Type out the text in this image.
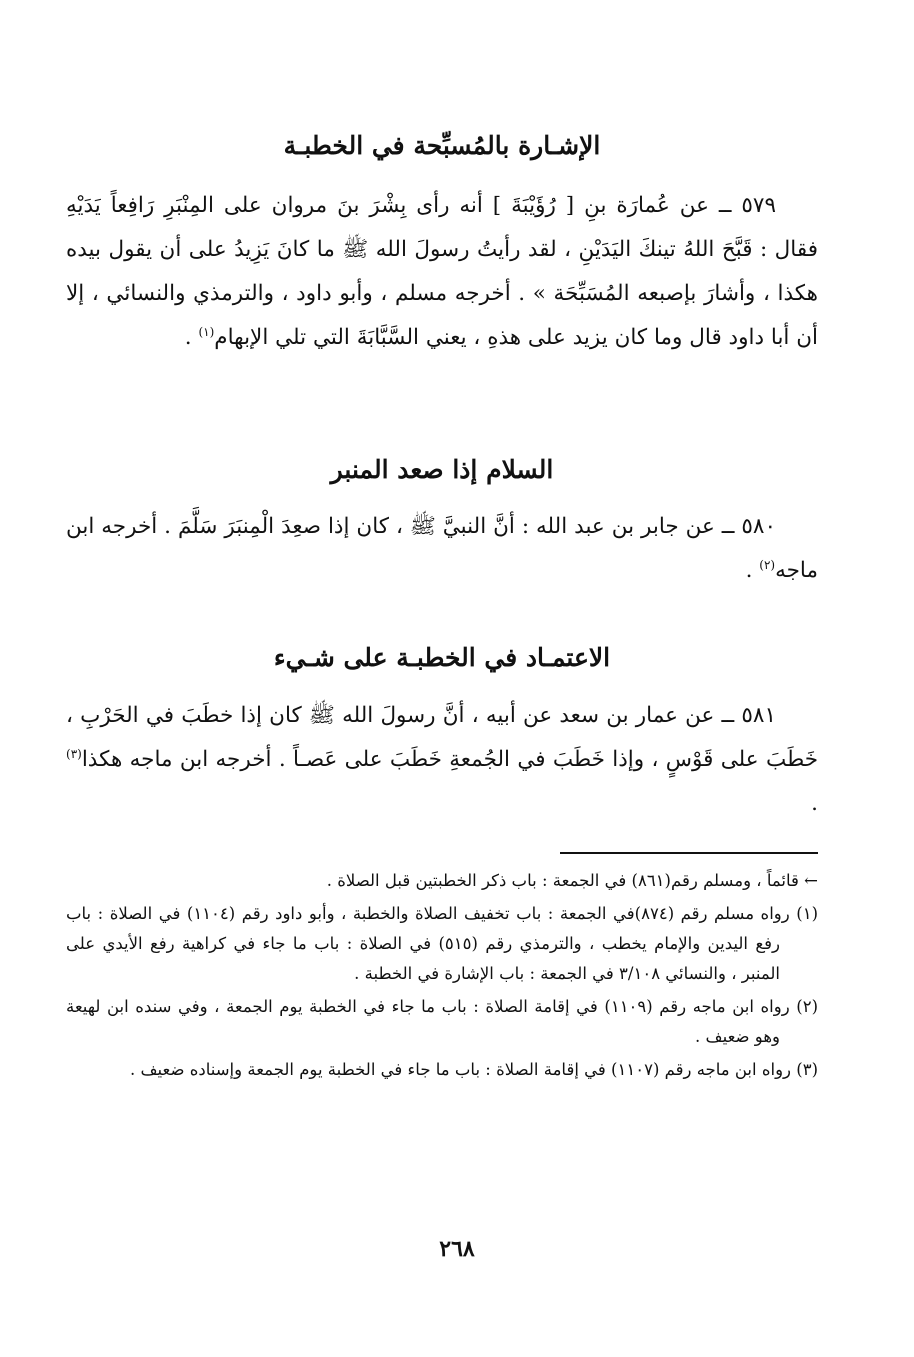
الإشـارة بالمُسبِّحة في الخطبـة

٥٧٩ ــ عن عُمارَة بنِ [ رُؤَيْبَةَ ] أنه رأى بِشْرَ بنَ مروان على المِنْبَرِ رَافِعاً يَدَيْهِ فقال : قَبَّحَ اللهُ تينكَ اليَدَيْنِ ، لقد رأيتُ رسولَ الله ﷺ ما كانَ يَزِيدُ على أن يقول بيده هكذا ، وأشارَ بإصبعه المُسَبِّحَة » . أخرجه مسلم ، وأبو داود ، والترمذي والنسائي ، إلا أن أبا داود قال وما كان يزيد على هذهِ ، يعني السَّبَّابَةَ التي تلي الإبهام$^{(١)}$ .

السلام إذا صعد المنبر

٥٨٠ ــ عن جابر بن عبد الله : أنَّ النبيَّ ﷺ ، كان إذا صعِدَ الْمِنبَرَ سَلَّمَ . أخرجه ابن ماجه$^{(٢)}$ .

الاعتمـاد في الخطبـة على شـيء

٥٨١ ــ عن عمار بن سعد عن أبيه ، أنَّ رسولَ الله ﷺ كان إذا خطَبَ في الحَرْبِ ، خَطَبَ على قَوْسٍ ، وإذا خَطَبَ في الجُمعةِ خَطَبَ على عَصـاً . أخرجه ابن ماجه هكذا$^{(٣)}$ .

← قائماً ، ومسلم رقم(٨٦١) في الجمعة : باب ذكر الخطبتين قبل الصلاة .

(١) رواه مسلم رقم (٨٧٤)في الجمعة : باب تخفيف الصلاة والخطبة ، وأبو داود رقم (١١٠٤) في الصلاة : باب رفع اليدين والإمام يخطب ، والترمذي رقم (٥١٥) في الصلاة : باب ما جاء في كراهية رفع الأيدي على المنبر ، والنسائي ٣/١٠٨ في الجمعة : باب الإشارة في الخطبة .

(٢) رواه ابن ماجه رقم (١١٠٩) في إقامة الصلاة : باب ما جاء في الخطبة يوم الجمعة ، وفي سنده ابن لهيعة وهو ضعيف .

(٣) رواه ابن ماجه رقم (١١٠٧) في إقامة الصلاة : باب ما جاء في الخطبة يوم الجمعة وإسناده ضعيف .

٢٦٨
